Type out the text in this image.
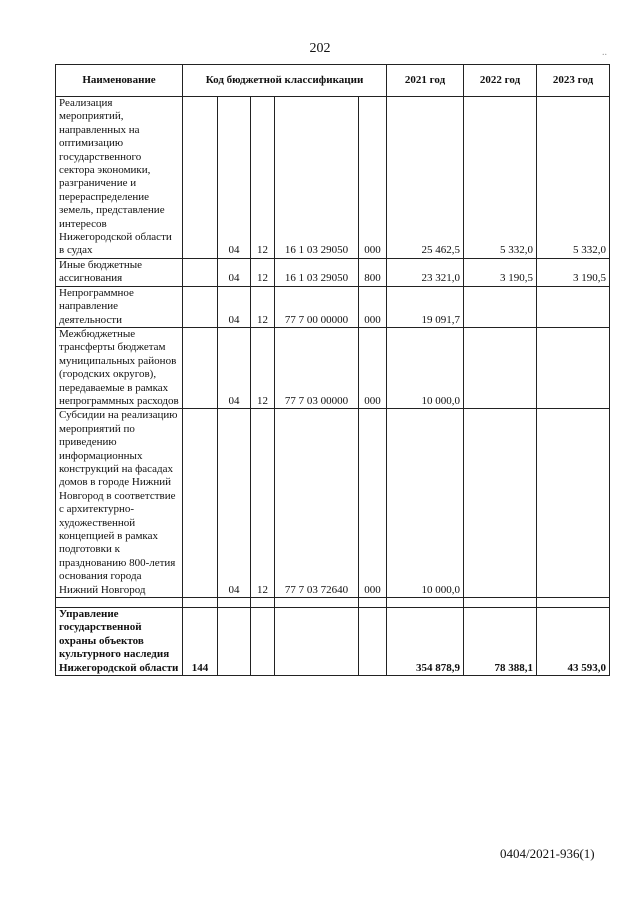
202	..
Наименование	Код бюджетной классификации					2021 год	2022 год	2023 год
Реализация мероприятий, направленных на оптимизацию государственного сектора экономики, разграничение и перераспределение земель, представление интересов Нижегородской области в судах		04	12	16 1 03 29050	000	25 462,5	5 332,0	5 332,0
Иные бюджетные ассигнования		04	12	16 1 03 29050	800	23 321,0	3 190,5	3 190,5
Непрограммное направление деятельности		04	12	77 7 00 00000	000	19 091,7		
Межбюджетные трансферты бюджетам муниципальных районов (городских округов), передаваемые в рамках непрограммных расходов		04	12	77 7 03 00000	000	10 000,0		
Субсидии на реализацию мероприятий по приведению информационных конструкций на фасадах домов в городе Нижний Новгород в соответствие с архитектурно-художественной концепцией в рамках подготовки к празднованию 800-летия основания города Нижний Новгород		04	12	77 7 03 72640	000	10 000,0		

Управление государственной охраны объектов культурного наследия Нижегородской области	144					354 878,9	78 388,1	43 593,0
0404/2021-936(1)
